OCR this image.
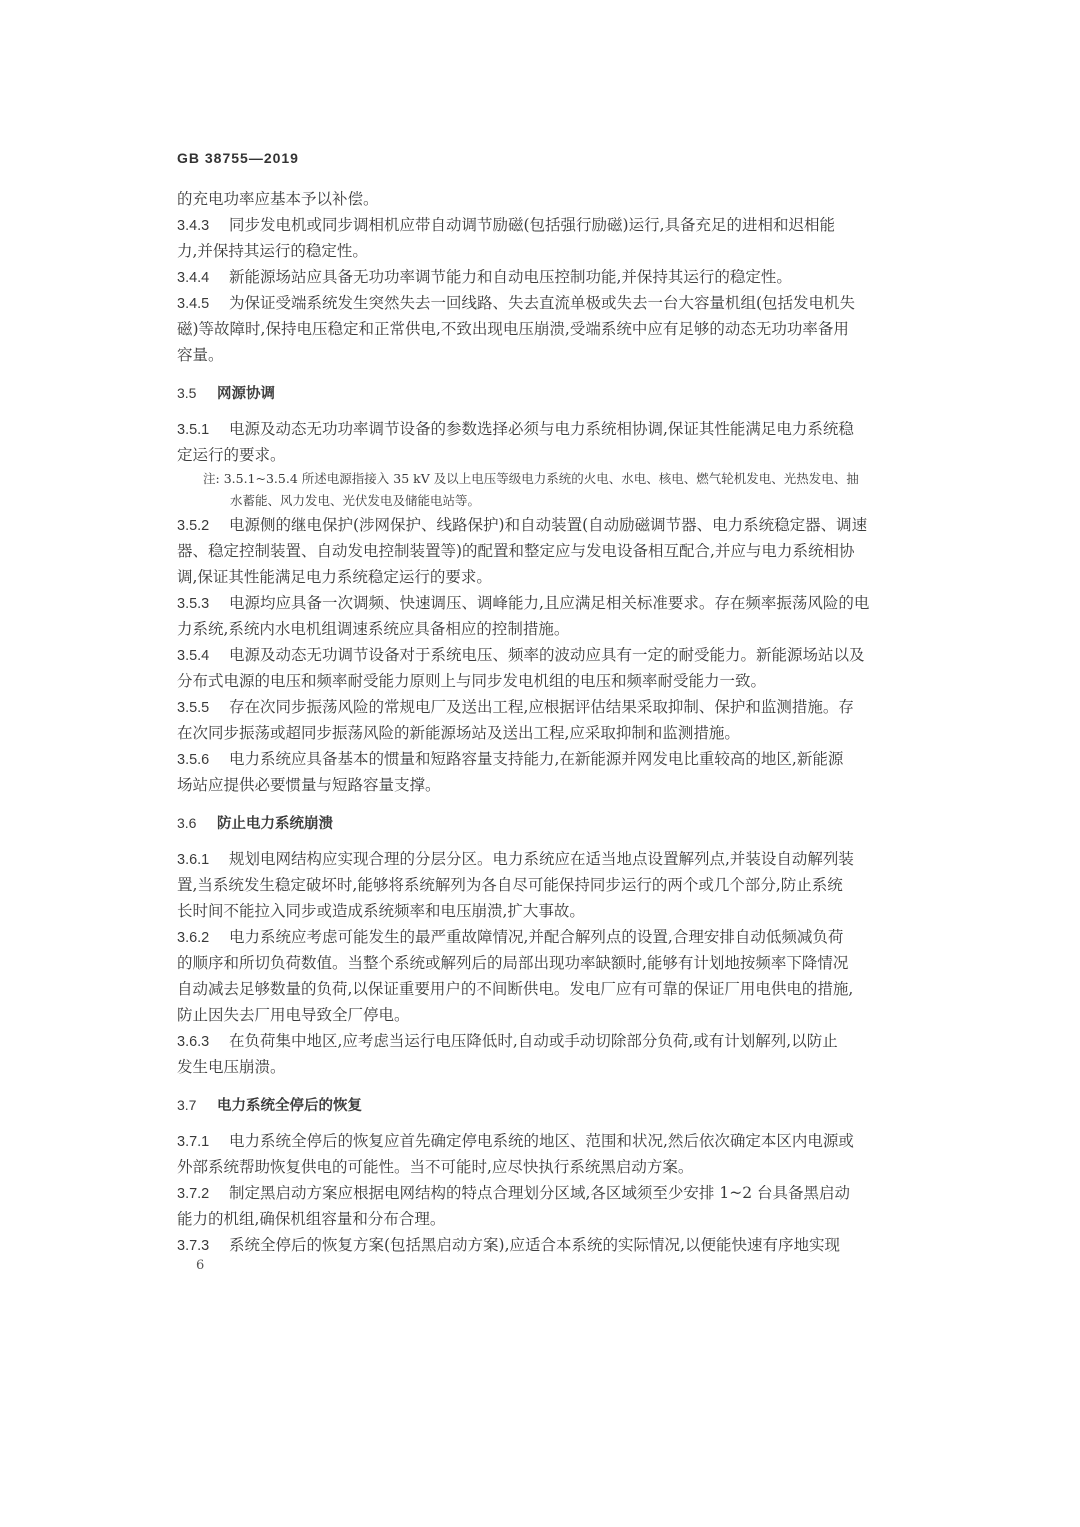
GB 38755—2019
的充电功率应基本予以补偿。
3.4.3 同步发电机或同步调相机应带自动调节励磁(包括强行励磁)运行,具备充足的进相和迟相能
力,并保持其运行的稳定性。
3.4.4 新能源场站应具备无功功率调节能力和自动电压控制功能,并保持其运行的稳定性。
3.4.5 为保证受端系统发生突然失去一回线路、失去直流单极或失去一台大容量机组(包括发电机失
磁)等故障时,保持电压稳定和正常供电,不致出现电压崩溃,受端系统中应有足够的动态无功功率备用
容量。
3.5 网源协调
3.5.1 电源及动态无功功率调节设备的参数选择必须与电力系统相协调,保证其性能满足电力系统稳
定运行的要求。
注: 3.5.1~3.5.4 所述电源指接入 35 kV 及以上电压等级电力系统的火电、水电、核电、燃气轮机发电、光热发电、抽
水蓄能、风力发电、光伏发电及储能电站等。
3.5.2 电源侧的继电保护(涉网保护、线路保护)和自动装置(自动励磁调节器、电力系统稳定器、调速
器、稳定控制装置、自动发电控制装置等)的配置和整定应与发电设备相互配合,并应与电力系统相协
调,保证其性能满足电力系统稳定运行的要求。
3.5.3 电源均应具备一次调频、快速调压、调峰能力,且应满足相关标准要求。存在频率振荡风险的电
力系统,系统内水电机组调速系统应具备相应的控制措施。
3.5.4 电源及动态无功调节设备对于系统电压、频率的波动应具有一定的耐受能力。新能源场站以及
分布式电源的电压和频率耐受能力原则上与同步发电机组的电压和频率耐受能力一致。
3.5.5 存在次同步振荡风险的常规电厂及送出工程,应根据评估结果采取抑制、保护和监测措施。存
在次同步振荡或超同步振荡风险的新能源场站及送出工程,应采取抑制和监测措施。
3.5.6 电力系统应具备基本的惯量和短路容量支持能力,在新能源并网发电比重较高的地区,新能源
场站应提供必要惯量与短路容量支撑。
3.6 防止电力系统崩溃
3.6.1 规划电网结构应实现合理的分层分区。电力系统应在适当地点设置解列点,并装设自动解列装
置,当系统发生稳定破坏时,能够将系统解列为各自尽可能保持同步运行的两个或几个部分,防止系统
长时间不能拉入同步或造成系统频率和电压崩溃,扩大事故。
3.6.2 电力系统应考虑可能发生的最严重故障情况,并配合解列点的设置,合理安排自动低频减负荷
的顺序和所切负荷数值。当整个系统或解列后的局部出现功率缺额时,能够有计划地按频率下降情况
自动减去足够数量的负荷,以保证重要用户的不间断供电。发电厂应有可靠的保证厂用电供电的措施,
防止因失去厂用电导致全厂停电。
3.6.3 在负荷集中地区,应考虑当运行电压降低时,自动或手动切除部分负荷,或有计划解列,以防止
发生电压崩溃。
3.7 电力系统全停后的恢复
3.7.1 电力系统全停后的恢复应首先确定停电系统的地区、范围和状况,然后依次确定本区内电源或
外部系统帮助恢复供电的可能性。当不可能时,应尽快执行系统黑启动方案。
3.7.2 制定黑启动方案应根据电网结构的特点合理划分区域,各区域须至少安排 1~2 台具备黑启动
能力的机组,确保机组容量和分布合理。
3.7.3 系统全停后的恢复方案(包括黑启动方案),应适合本系统的实际情况,以便能快速有序地实现
6
